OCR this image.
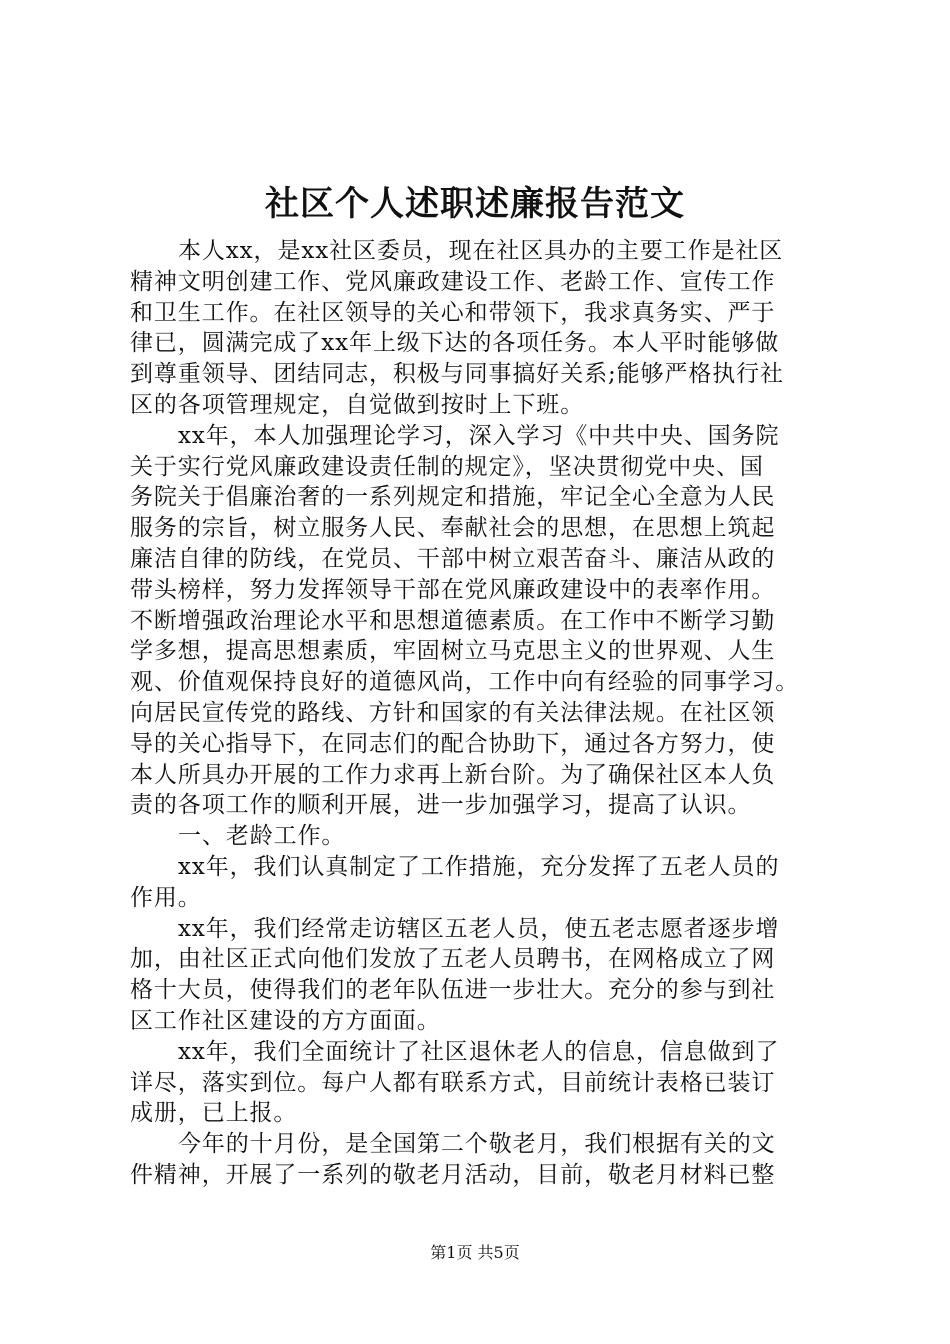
社区个人述职述廉报告范文
本人xx，是xx社区委员，现在社区具办的主要工作是社区
精神文明创建工作、党风廉政建设工作、老龄工作、宣传工作
和卫生工作。在社区领导的关心和带领下，我求真务实、严于
律已，圆满完成了xx年上级下达的各项任务。本人平时能够做
到尊重领导、团结同志，积极与同事搞好关系;能够严格执行社
区的各项管理规定，自觉做到按时上下班。
xx年，本人加强理论学习，深入学习《中共中央、国务院
关于实行党风廉政建设责任制的规定》，坚决贯彻党中央、国
务院关于倡廉治奢的一系列规定和措施，牢记全心全意为人民
服务的宗旨，树立服务人民、奉献社会的思想，在思想上筑起
廉洁自律的防线，在党员、干部中树立艰苦奋斗、廉洁从政的
带头榜样，努力发挥领导干部在党风廉政建设中的表率作用。
不断增强政治理论水平和思想道德素质。在工作中不断学习勤
学多想，提高思想素质，牢固树立马克思主义的世界观、人生
观、价值观保持良好的道德风尚，工作中向有经验的同事学习。
向居民宣传党的路线、方针和国家的有关法律法规。在社区领
导的关心指导下，在同志们的配合协助下，通过各方努力，使
本人所具办开展的工作力求再上新台阶。为了确保社区本人负
责的各项工作的顺利开展，进一步加强学习，提高了认识。
一、老龄工作。
xx年，我们认真制定了工作措施，充分发挥了五老人员的
作用。
xx年，我们经常走访辖区五老人员，使五老志愿者逐步增
加，由社区正式向他们发放了五老人员聘书，在网格成立了网
格十大员，使得我们的老年队伍进一步壮大。充分的参与到社
区工作社区建设的方方面面。
xx年，我们全面统计了社区退休老人的信息，信息做到了
详尽，落实到位。每户人都有联系方式，目前统计表格已装订
成册，已上报。
今年的十月份，是全国第二个敬老月，我们根据有关的文
件精神，开展了一系列的敬老月活动，目前，敬老月材料已整
第1页 共5页
